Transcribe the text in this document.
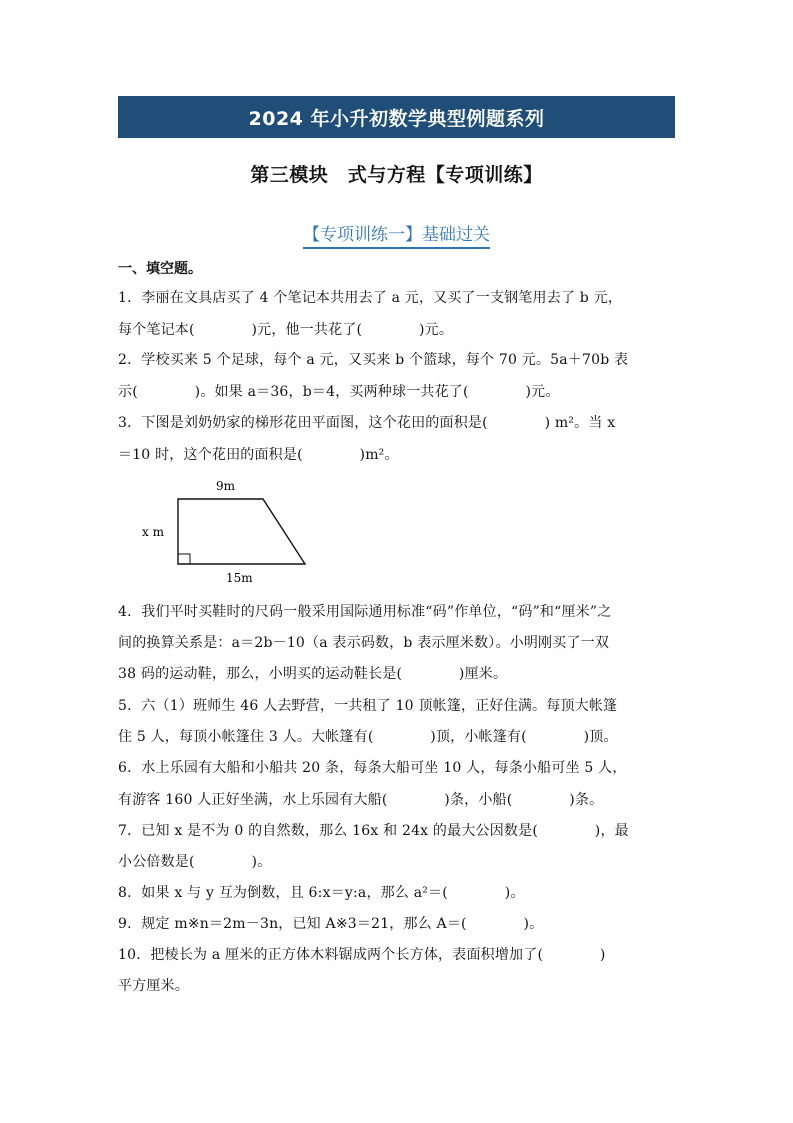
2024 年小升初数学典型例题系列
第三模块　式与方程【专项训练】
【专项训练一】基础过关
一、填空题。
1．李丽在文具店买了 4 个笔记本共用去了 a 元，又买了一支钢笔用去了 b 元，
每个笔记本(　　　　)元，他一共花了(　　　　)元。
2．学校买来 5 个足球，每个 a 元，又买来 b 个篮球，每个 70 元。5a＋70b 表
示(　　　　)。如果 a＝36，b＝4，买两种球一共花了(　　　　)元。
3．下图是刘奶奶家的梯形花田平面图，这个花田的面积是(　　　　) m²。当 x
＝10 时，这个花田的面积是(　　　　)m²。
9m
x m
15m
4．我们平时买鞋时的尺码一般采用国际通用标准“码”作单位，“码”和“厘米”之
间的换算关系是：a＝2b－10（a 表示码数，b 表示厘米数）。小明刚买了一双
38 码的运动鞋，那么，小明买的运动鞋长是(　　　　)厘米。
5．六（1）班师生 46 人去野营，一共租了 10 顶帐篷，正好住满。每顶大帐篷
住 5 人，每顶小帐篷住 3 人。大帐篷有(　　　　)顶，小帐篷有(　　　　)顶。
6．水上乐园有大船和小船共 20 条，每条大船可坐 10 人，每条小船可坐 5 人，
有游客 160 人正好坐满，水上乐园有大船(　　　　)条，小船(　　　　)条。
7．已知 x 是不为 0 的自然数，那么 16x 和 24x 的最大公因数是(　　　　)，最
小公倍数是(　　　　)。
8．如果 x 与 y 互为倒数，且 6:x＝y:a，那么 a²＝(　　　　)。
9．规定 m※n＝2m－3n，已知 A※3＝21，那么 A＝(　　　　)。
10．把棱长为 a 厘米的正方体木料锯成两个长方体，表面积增加了(　　　　)
平方厘米。
